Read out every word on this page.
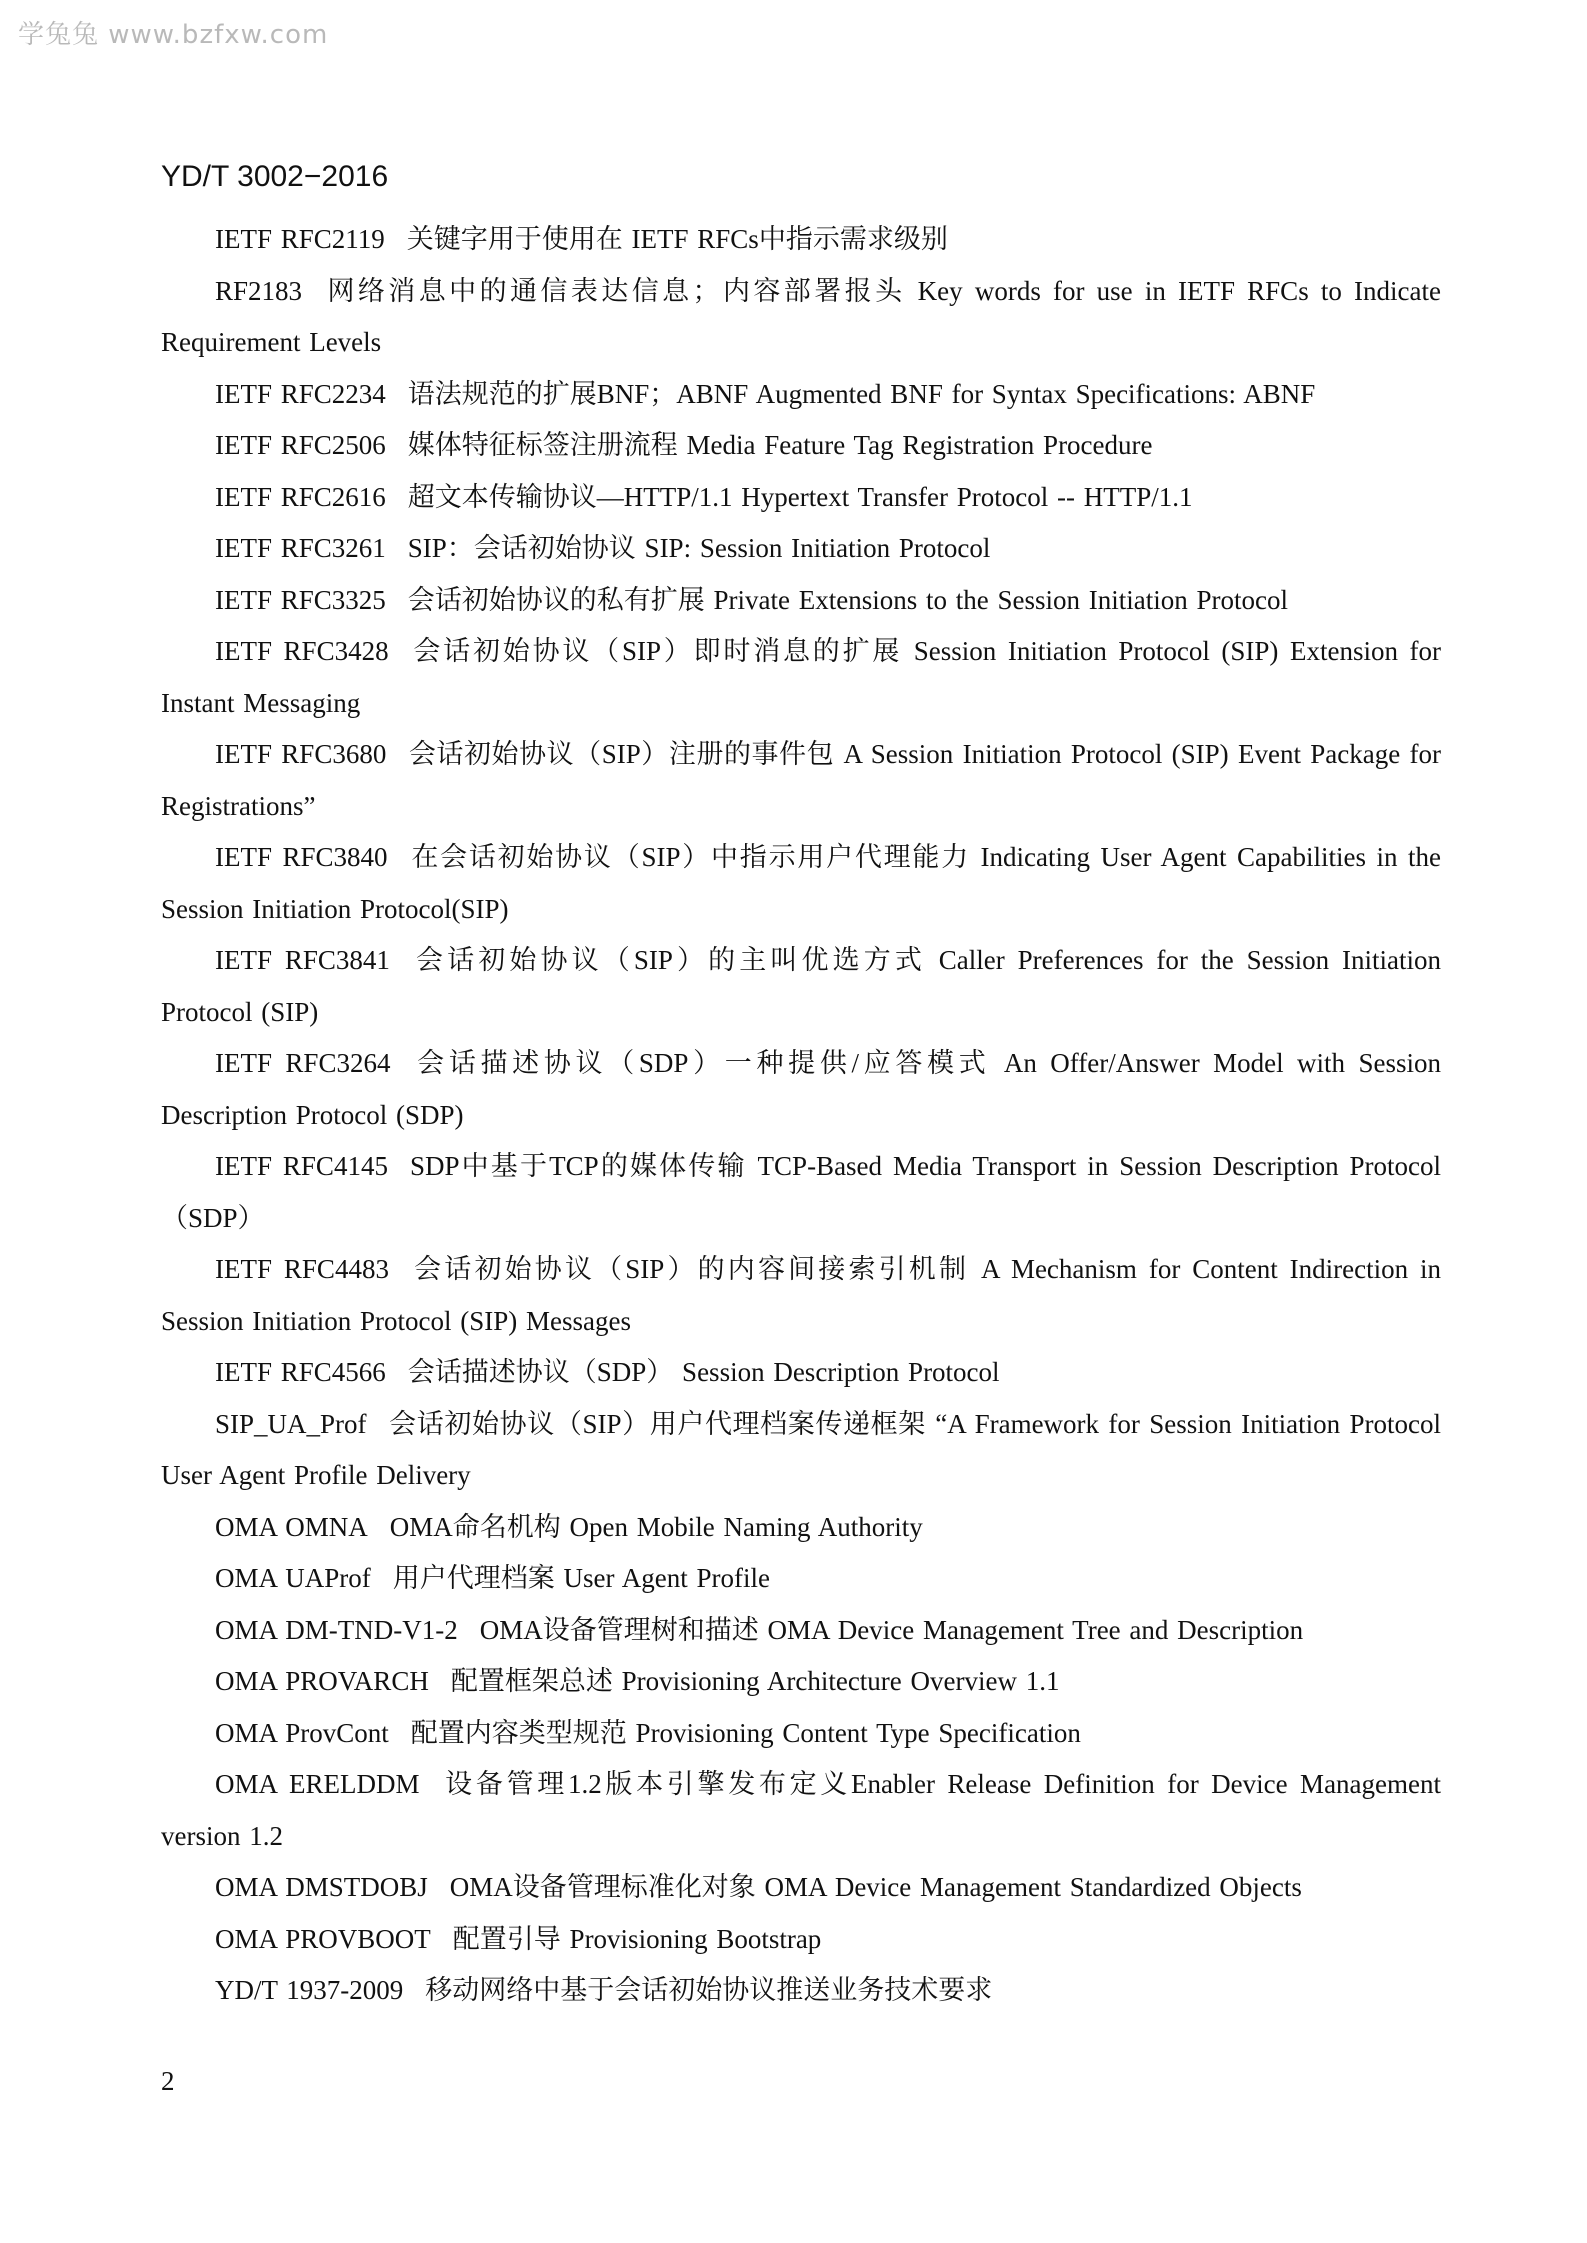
学兔兔 www.bzfxw.com
YD/T 3002−2016
IETF RFC2119 关键字用于使用在 IETF RFCs中指示需求级别
RF2183 网络消息中的通信表达信息；内容部署报头 Key words for use in IETF RFCs to Indicate Requirement Levels
IETF RFC2234 语法规范的扩展BNF；ABNF Augmented BNF for Syntax Specifications: ABNF
IETF RFC2506 媒体特征标签注册流程 Media Feature Tag Registration Procedure
IETF RFC2616 超文本传输协议—HTTP/1.1 Hypertext Transfer Protocol -- HTTP/1.1
IETF RFC3261 SIP：会话初始协议 SIP: Session Initiation Protocol
IETF RFC3325 会话初始协议的私有扩展 Private Extensions to the Session Initiation Protocol
IETF RFC3428 会话初始协议（SIP）即时消息的扩展 Session Initiation Protocol (SIP) Extension for Instant Messaging
IETF RFC3680 会话初始协议（SIP）注册的事件包 A Session Initiation Protocol (SIP) Event Package for Registrations”
IETF RFC3840 在会话初始协议（SIP）中指示用户代理能力 Indicating User Agent Capabilities in the Session Initiation Protocol(SIP)
IETF RFC3841 会话初始协议（SIP）的主叫优选方式 Caller Preferences for the Session Initiation Protocol (SIP)
IETF RFC3264 会话描述协议（SDP）一种提供/应答模式 An Offer/Answer Model with Session Description Protocol (SDP)
IETF RFC4145 SDP中基于TCP的媒体传输 TCP-Based Media Transport in Session Description Protocol（SDP）
IETF RFC4483 会话初始协议（SIP）的内容间接索引机制 A Mechanism for Content Indirection in Session Initiation Protocol (SIP) Messages
IETF RFC4566 会话描述协议（SDP） Session Description Protocol
SIP_UA_Prof 会话初始协议（SIP）用户代理档案传递框架 “A Framework for Session Initiation Protocol User Agent Profile Delivery
OMA OMNA OMA命名机构 Open Mobile Naming Authority
OMA UAProf 用户代理档案 User Agent Profile
OMA DM-TND-V1-2 OMA设备管理树和描述 OMA Device Management Tree and Description
OMA PROVARCH 配置框架总述 Provisioning Architecture Overview 1.1
OMA ProvCont 配置内容类型规范 Provisioning Content Type Specification
OMA ERELDDM 设备管理1.2版本引擎发布定义Enabler Release Definition for Device Management version 1.2
OMA DMSTDOBJ OMA设备管理标准化对象 OMA Device Management Standardized Objects
OMA PROVBOOT 配置引导 Provisioning Bootstrap
YD/T 1937-2009 移动网络中基于会话初始协议推送业务技术要求
2
